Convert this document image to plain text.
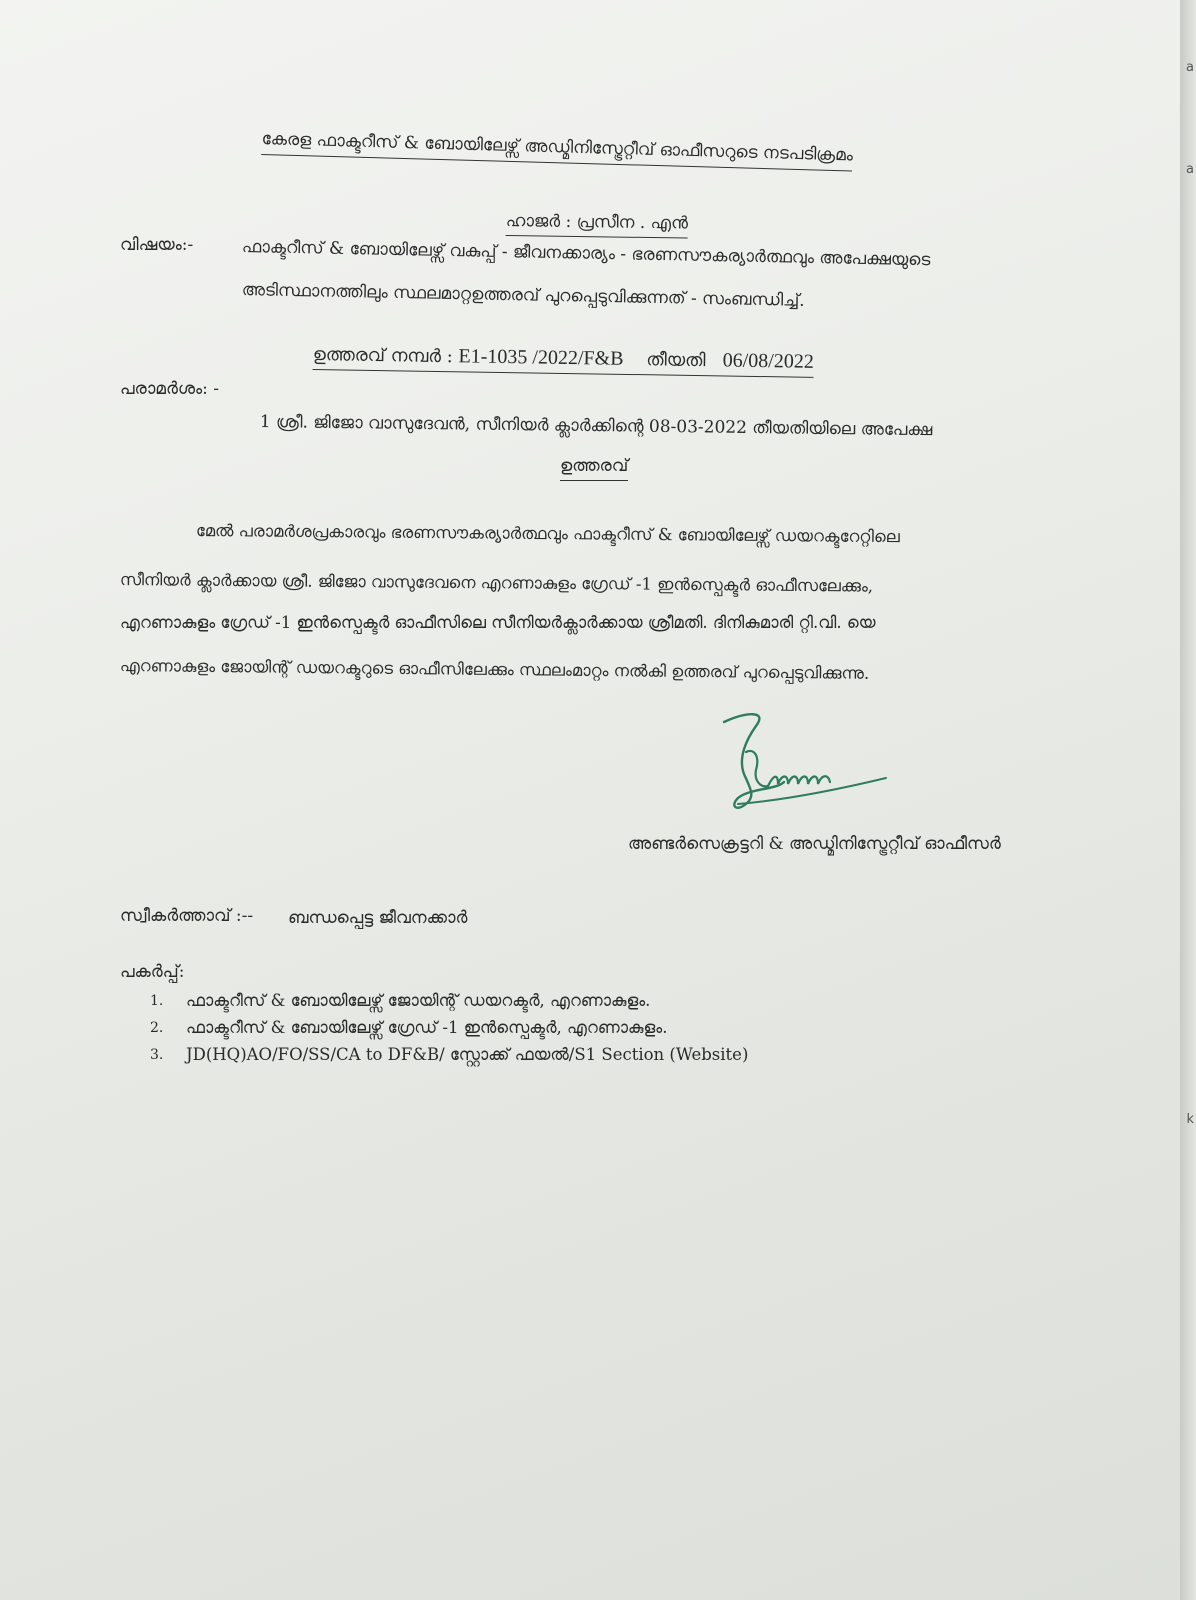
കേരള ഫാക്ടറീസ് & ബോയിലേഴ്സ് അഡ്മിനിസ്ട്രേറ്റീവ് ഓഫീസറുടെ നടപടിക്രമം
ഹാജർ : പ്രസീന . എൻ
വിഷയം:-	ഫാക്ടറീസ് & ബോയിലേഴ്സ് വകുപ്പ് - ജീവനക്കാര്യം - ഭരണസൗകര്യാർത്ഥവും അപേക്ഷയുടെ
അടിസ്ഥാനത്തിലും സ്ഥലമാറ്റഉത്തരവ് പുറപ്പെടുവിക്കുന്നത് - സംബന്ധിച്ച്.
ഉത്തരവ് നമ്പർ : E1-1035 /2022/F&B തീയതി 06/08/2022
പരാമർശം: -
1 ശ്രീ. ജിജോ വാസുദേവൻ, സീനിയർ ക്ലാർക്കിന്റെ 08-03-2022 തീയതിയിലെ അപേക്ഷ
ഉത്തരവ്
മേൽ പരാമർശപ്രകാരവും ഭരണസൗകര്യാർത്ഥവും ഫാക്ടറീസ് & ബോയിലേഴ്സ് ഡയറക്ടറേറ്റിലെ
സീനിയർ ക്ലാർക്കായ ശ്രീ. ജിജോ വാസുദേവനെ എറണാകുളം ഗ്രേഡ് -1 ഇൻസ്പെക്ടർ ഓഫീസലേക്കും,
എറണാകുളം ഗ്രേഡ് -1 ഇൻസ്പെക്ടർ ഓഫീസിലെ സീനിയർക്ലാർക്കായ ശ്രീമതി. ദിനികുമാരി റ്റി.വി. യെ
എറണാകുളം ജോയിന്റ് ഡയറക്ടറുടെ ഓഫീസിലേക്കും സ്ഥലംമാറ്റം നൽകി ഉത്തരവ് പുറപ്പെടുവിക്കുന്നു.
അണ്ടർസെക്രട്ടറി & അഡ്മിനിസ്ട്രേറ്റീവ് ഓഫീസർ
സ്വീകർത്താവ് :-- ബന്ധപ്പെട്ട ജീവനക്കാർ
പകർപ്പ്:
1. ഫാക്ടറീസ് & ബോയിലേഴ്സ് ജോയിന്റ് ഡയറക്ടർ, എറണാകുളം.
2. ഫാക്ടറീസ് & ബോയിലേഴ്സ് ഗ്രേഡ് -1 ഇൻസ്പെക്ടർ, എറണാകുളം.
3. JD(HQ)AO/FO/SS/CA to DF&B/ സ്റ്റോക്ക് ഫയൽ/S1 Section (Website)
a
a
k
